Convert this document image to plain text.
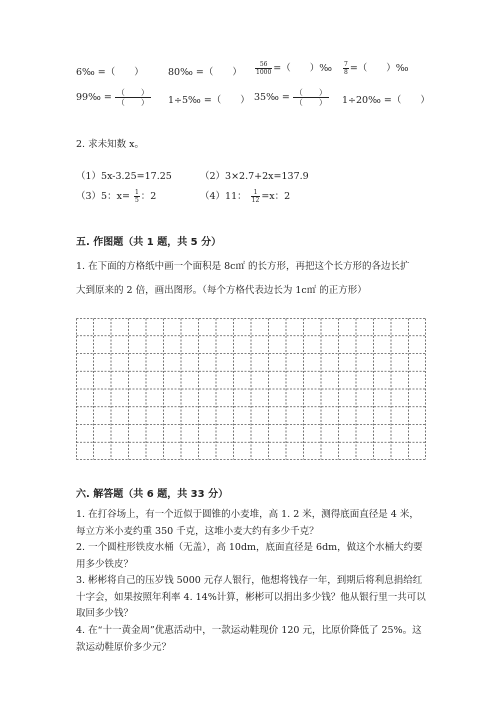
6‰ =（　　）	80‰ =（　　） $\frac{56}{1000}$ =（　　）‰ $\frac{7}{8}$ =（　　）‰
99‰ = $\frac{( )}{( )}$ 1÷5‰ =（　　） 35‰ = $\frac{( )}{( )}$ 1÷20‰ =（　　）
2. 求未知数 x。
（1）5x-3.25=17.25	（2）3×2.7+2x=137.9
（3）5：$x= \frac{1}{5}$ ：2	（4）11： $\frac{1}{12} =x$：2
五. 作图题（共 1 题，共 5 分）
1. 在下面的方格纸中画一个面积是 8c㎡ 的长方形，再把这个长方形的各边长扩
大到原来的 2 倍，画出图形。（每个方格代表边长为 1c㎡ 的正方形）
六. 解答题（共 6 题，共 33 分）
1. 在打谷场上，有一个近似于圆锥的小麦堆，高 1. 2 米，测得底面直径是 4 米，每立方米小麦约重 350 千克，这堆小麦大约有多少千克？
2. 一个圆柱形铁皮水桶（无盖），高 10dm，底面直径是 6dm，做这个水桶大约要用多少铁皮？
3. 彬彬将自己的压岁钱 5000 元存人银行，他想将钱存一年，到期后将利息捐给红十字会，如果按照年利率 4. 14%计算，彬彬可以捐出多少钱？他从银行里一共可以取回多少钱？
4. 在“十一黄金周”优惠活动中，一款运动鞋现价 120 元，比原价降低了 25%。这款运动鞋原价多少元？
